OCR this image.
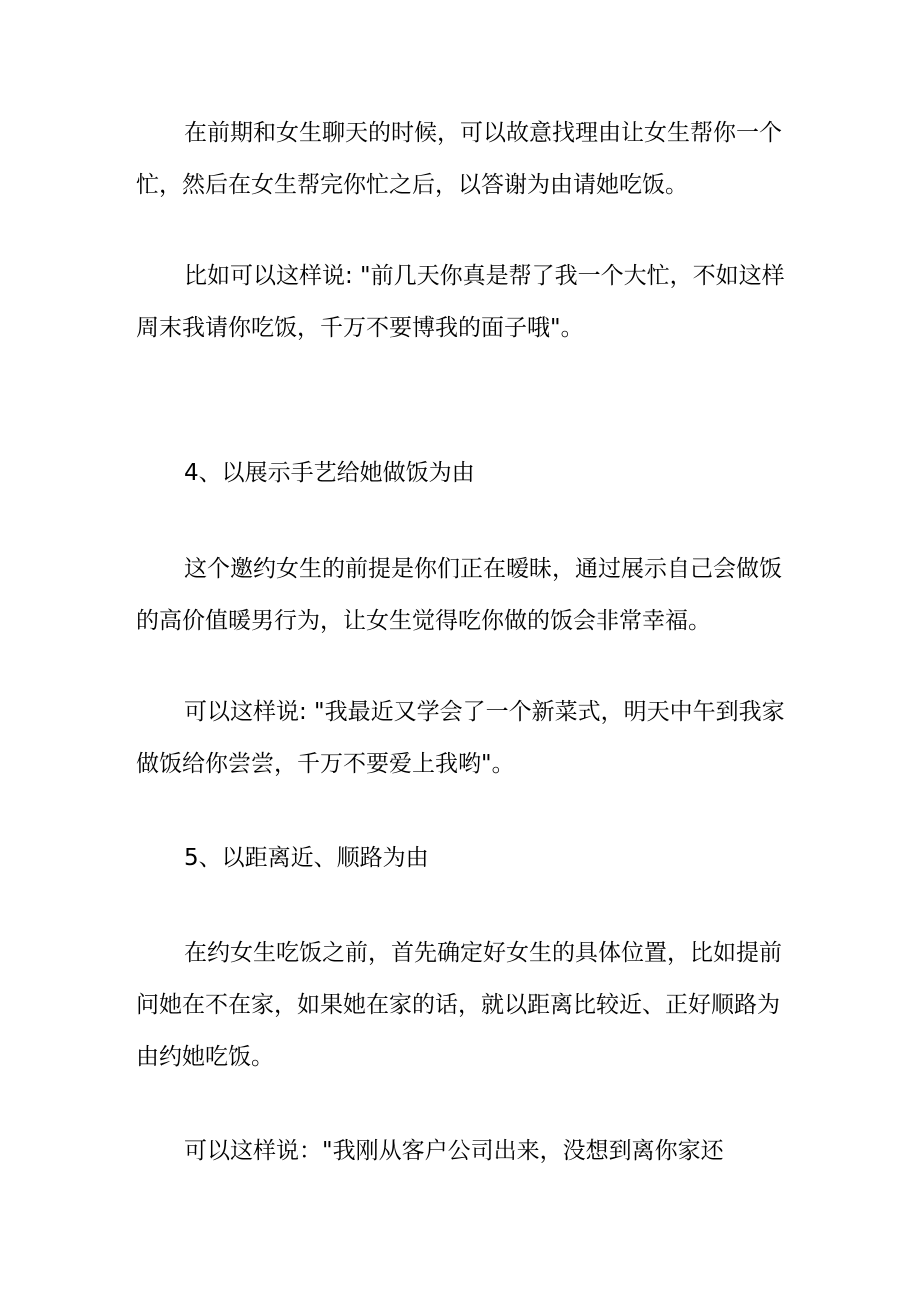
在前期和女生聊天的时候，可以故意找理由让女生帮你一个
忙，然后在女生帮完你忙之后，以答谢为由请她吃饭。
比如可以这样说: "前几天你真是帮了我一个大忙，不如这样
周末我请你吃饭，千万不要博我的面子哦"。
4、以展示手艺给她做饭为由
这个邀约女生的前提是你们正在暧昧，通过展示自己会做饭
的高价值暖男行为，让女生觉得吃你做的饭会非常幸福。
可以这样说: "我最近又学会了一个新菜式，明天中午到我家
做饭给你尝尝，千万不要爱上我哟"。
5、以距离近、顺路为由
在约女生吃饭之前，首先确定好女生的具体位置，比如提前
问她在不在家，如果她在家的话，就以距离比较近、正好顺路为
由约她吃饭。
可以这样说："我刚从客户公司出来，没想到离你家还
